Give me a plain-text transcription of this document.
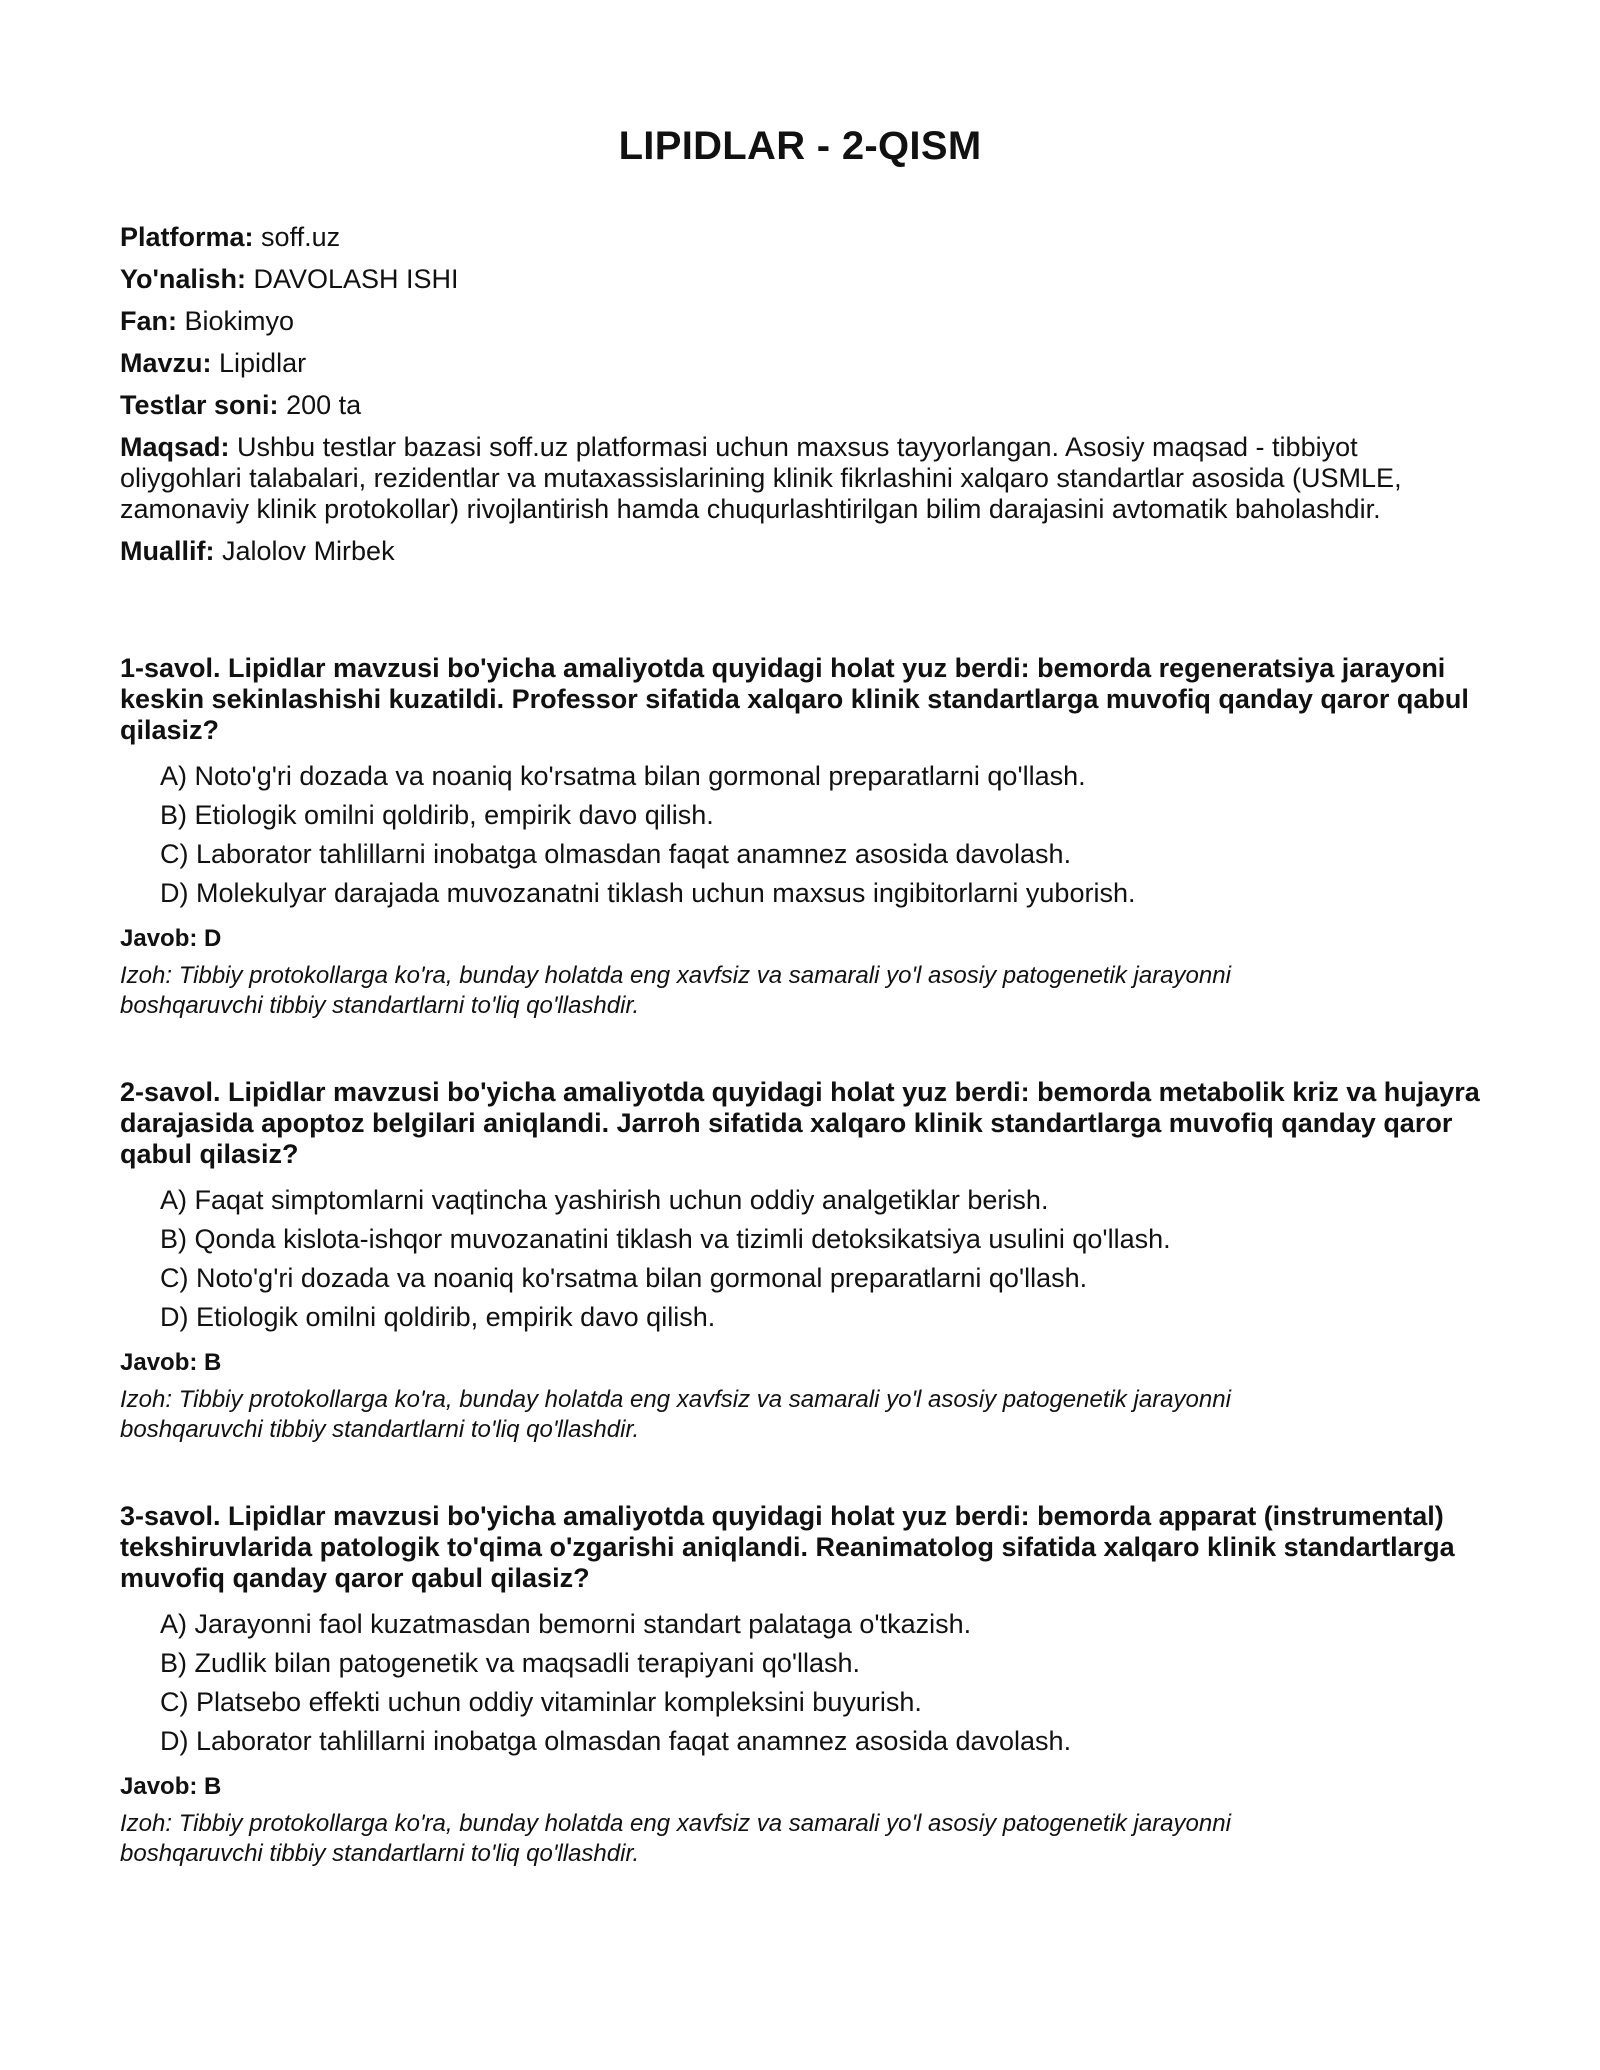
LIPIDLAR - 2-QISM
Platforma: soff.uz
Yo'nalish: DAVOLASH ISHI
Fan: Biokimyo
Mavzu: Lipidlar
Testlar soni: 200 ta
Maqsad: Ushbu testlar bazasi soff.uz platformasi uchun maxsus tayyorlangan. Asosiy maqsad - tibbiyot oliygohlari talabalari, rezidentlar va mutaxassislarining klinik fikrlashini xalqaro standartlar asosida (USMLE, zamonaviy klinik protokollar) rivojlantirish hamda chuqurlashtirilgan bilim darajasini avtomatik baholashdir.
Muallif: Jalolov Mirbek
1-savol. Lipidlar mavzusi bo'yicha amaliyotda quyidagi holat yuz berdi: bemorda regeneratsiya jarayoni keskin sekinlashishi kuzatildi. Professor sifatida xalqaro klinik standartlarga muvofiq qanday qaror qabul qilasiz?
A) Noto'g'ri dozada va noaniq ko'rsatma bilan gormonal preparatlarni qo'llash.
B) Etiologik omilni qoldirib, empirik davo qilish.
C) Laborator tahlillarni inobatga olmasdan faqat anamnez asosida davolash.
D) Molekulyar darajada muvozanatni tiklash uchun maxsus ingibitorlarni yuborish.
Javob: D
Izoh: Tibbiy protokollarga ko'ra, bunday holatda eng xavfsiz va samarali yo'l asosiy patogenetik jarayonni boshqaruvchi tibbiy standartlarni to'liq qo'llashdir.
2-savol. Lipidlar mavzusi bo'yicha amaliyotda quyidagi holat yuz berdi: bemorda metabolik kriz va hujayra darajasida apoptoz belgilari aniqlandi. Jarroh sifatida xalqaro klinik standartlarga muvofiq qanday qaror qabul qilasiz?
A) Faqat simptomlarni vaqtincha yashirish uchun oddiy analgetiklar berish.
B) Qonda kislota-ishqor muvozanatini tiklash va tizimli detoksikatsiya usulini qo'llash.
C) Noto'g'ri dozada va noaniq ko'rsatma bilan gormonal preparatlarni qo'llash.
D) Etiologik omilni qoldirib, empirik davo qilish.
Javob: B
Izoh: Tibbiy protokollarga ko'ra, bunday holatda eng xavfsiz va samarali yo'l asosiy patogenetik jarayonni boshqaruvchi tibbiy standartlarni to'liq qo'llashdir.
3-savol. Lipidlar mavzusi bo'yicha amaliyotda quyidagi holat yuz berdi: bemorda apparat (instrumental) tekshiruvlarida patologik to'qima o'zgarishi aniqlandi. Reanimatolog sifatida xalqaro klinik standartlarga muvofiq qanday qaror qabul qilasiz?
A) Jarayonni faol kuzatmasdan bemorni standart palataga o'tkazish.
B) Zudlik bilan patogenetik va maqsadli terapiyani qo'llash.
C) Platsebo effekti uchun oddiy vitaminlar kompleksini buyurish.
D) Laborator tahlillarni inobatga olmasdan faqat anamnez asosida davolash.
Javob: B
Izoh: Tibbiy protokollarga ko'ra, bunday holatda eng xavfsiz va samarali yo'l asosiy patogenetik jarayonni boshqaruvchi tibbiy standartlarni to'liq qo'llashdir.
